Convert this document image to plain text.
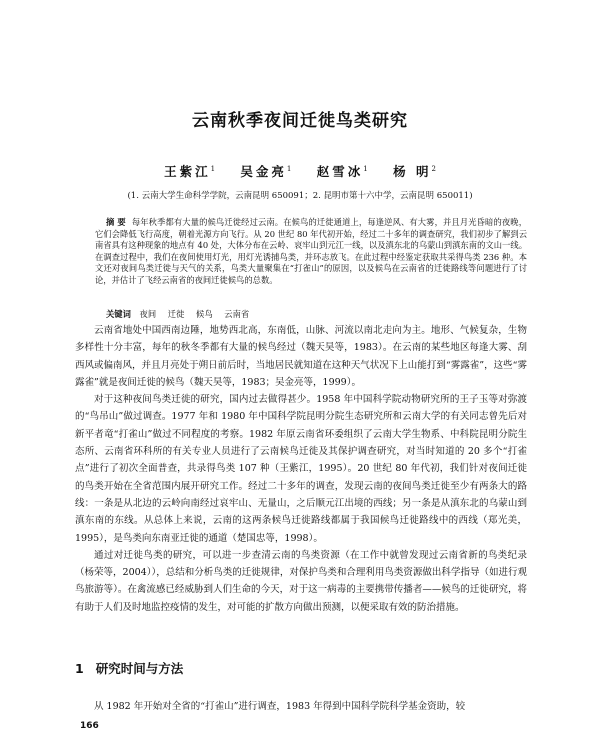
云南秋季夜间迁徙鸟类研究
王紫江$^1$ 吴金亮$^1$ 赵雪冰$^1$ 杨 明$^2$
(1. 云南大学生命科学学院，云南昆明 650091；2. 昆明市第十六中学，云南昆明 650011)

摘 要 每年秋季都有大量的候鸟迁徙经过云南。在候鸟的迁徙通道上，每逢逆风、有大雾，并且月光昏暗的夜晚，它们会降低飞行高度，朝着光源方向飞行。从 20 世纪 80 年代初开始，经过二十多年的调查研究，我们初步了解到云南省具有这种现象的地点有 40 处，大体分布在云岭、哀牢山到元江一线，以及滇东北的乌蒙山到滇东南的文山一线。在调查过程中，我们在夜间使用灯光，用灯光诱捕鸟类，并环志放飞。在此过程中经鉴定获取共采得鸟类 236 种。本文还对夜间鸟类迁徙与天气的关系，鸟类大量聚集在“打雀山”的原因，以及候鸟在云南省的迁徙路线等问题进行了讨论，并估计了飞经云南省的夜间迁徙候鸟的总数。

关键词 夜间 迁徙 候鸟 云南省

云南省地处中国西南边陲，地势西北高，东南低，山脉、河流以南北走向为主。地形、气候复杂，生物多样性十分丰富，每年的秋冬季都有大量的候鸟经过（魏天昊等，1983）。在云南的某些地区每逢大雾、刮西风或偏南风，并且月亮处于朔日前后时，当地居民就知道在这种天气状况下上山能打到“雾露雀”，这些“雾露雀”就是夜间迁徙的候鸟（魏天昊等，1983；吴金亮等，1999）。

对于这种夜间鸟类迁徙的研究，国内过去做得甚少。1958 年中国科学院动物研究所的王子玉等对弥渡的“鸟吊山”做过调查。1977 年和 1980 年中国科学院昆明分院生态研究所和云南大学的有关同志曾先后对新平者竜“打雀山”做过不同程度的考察。1982 年原云南省环委组织了云南大学生物系、中科院昆明分院生态所、云南省环科所的有关专业人员进行了云南候鸟迁徙及其保护调查研究，对当时知道的 20 多个“打雀点”进行了初次全面普查，共录得鸟类 107 种（王紫江，1995）。20 世纪 80 年代初，我们针对夜间迁徙的鸟类开始在全省范围内展开研究工作。经过二十多年的调查，发现云南的夜间鸟类迁徙至少有两条大的路线：一条是从北边的云岭向南经过哀牢山、无量山，之后顺元江出境的西线；另一条是从滇东北的乌蒙山到滇东南的东线。从总体上来说，云南的这两条候鸟迁徙路线都属于我国候鸟迁徙路线中的西线（郑光美，1995），是鸟类向东南亚迁徙的通道（楚国忠等，1998）。

通过对迁徙鸟类的研究，可以进一步查清云南的鸟类资源（在工作中就曾发现过云南省新的鸟类纪录（杨荣等，2004）），总结和分析鸟类的迁徙规律，对保护鸟类和合理利用鸟类资源做出科学指导（如进行观鸟旅游等）。在禽流感已经威胁到人们生命的今天，对于这一病毒的主要携带传播者——候鸟的迁徙研究，将有助于人们及时地监控疫情的发生，对可能的扩散方向做出预测，以便采取有效的防治措施。

1 研究时间与方法
从 1982 年开始对全省的“打雀山”进行调查，1983 年得到中国科学院科学基金资助，较
166
